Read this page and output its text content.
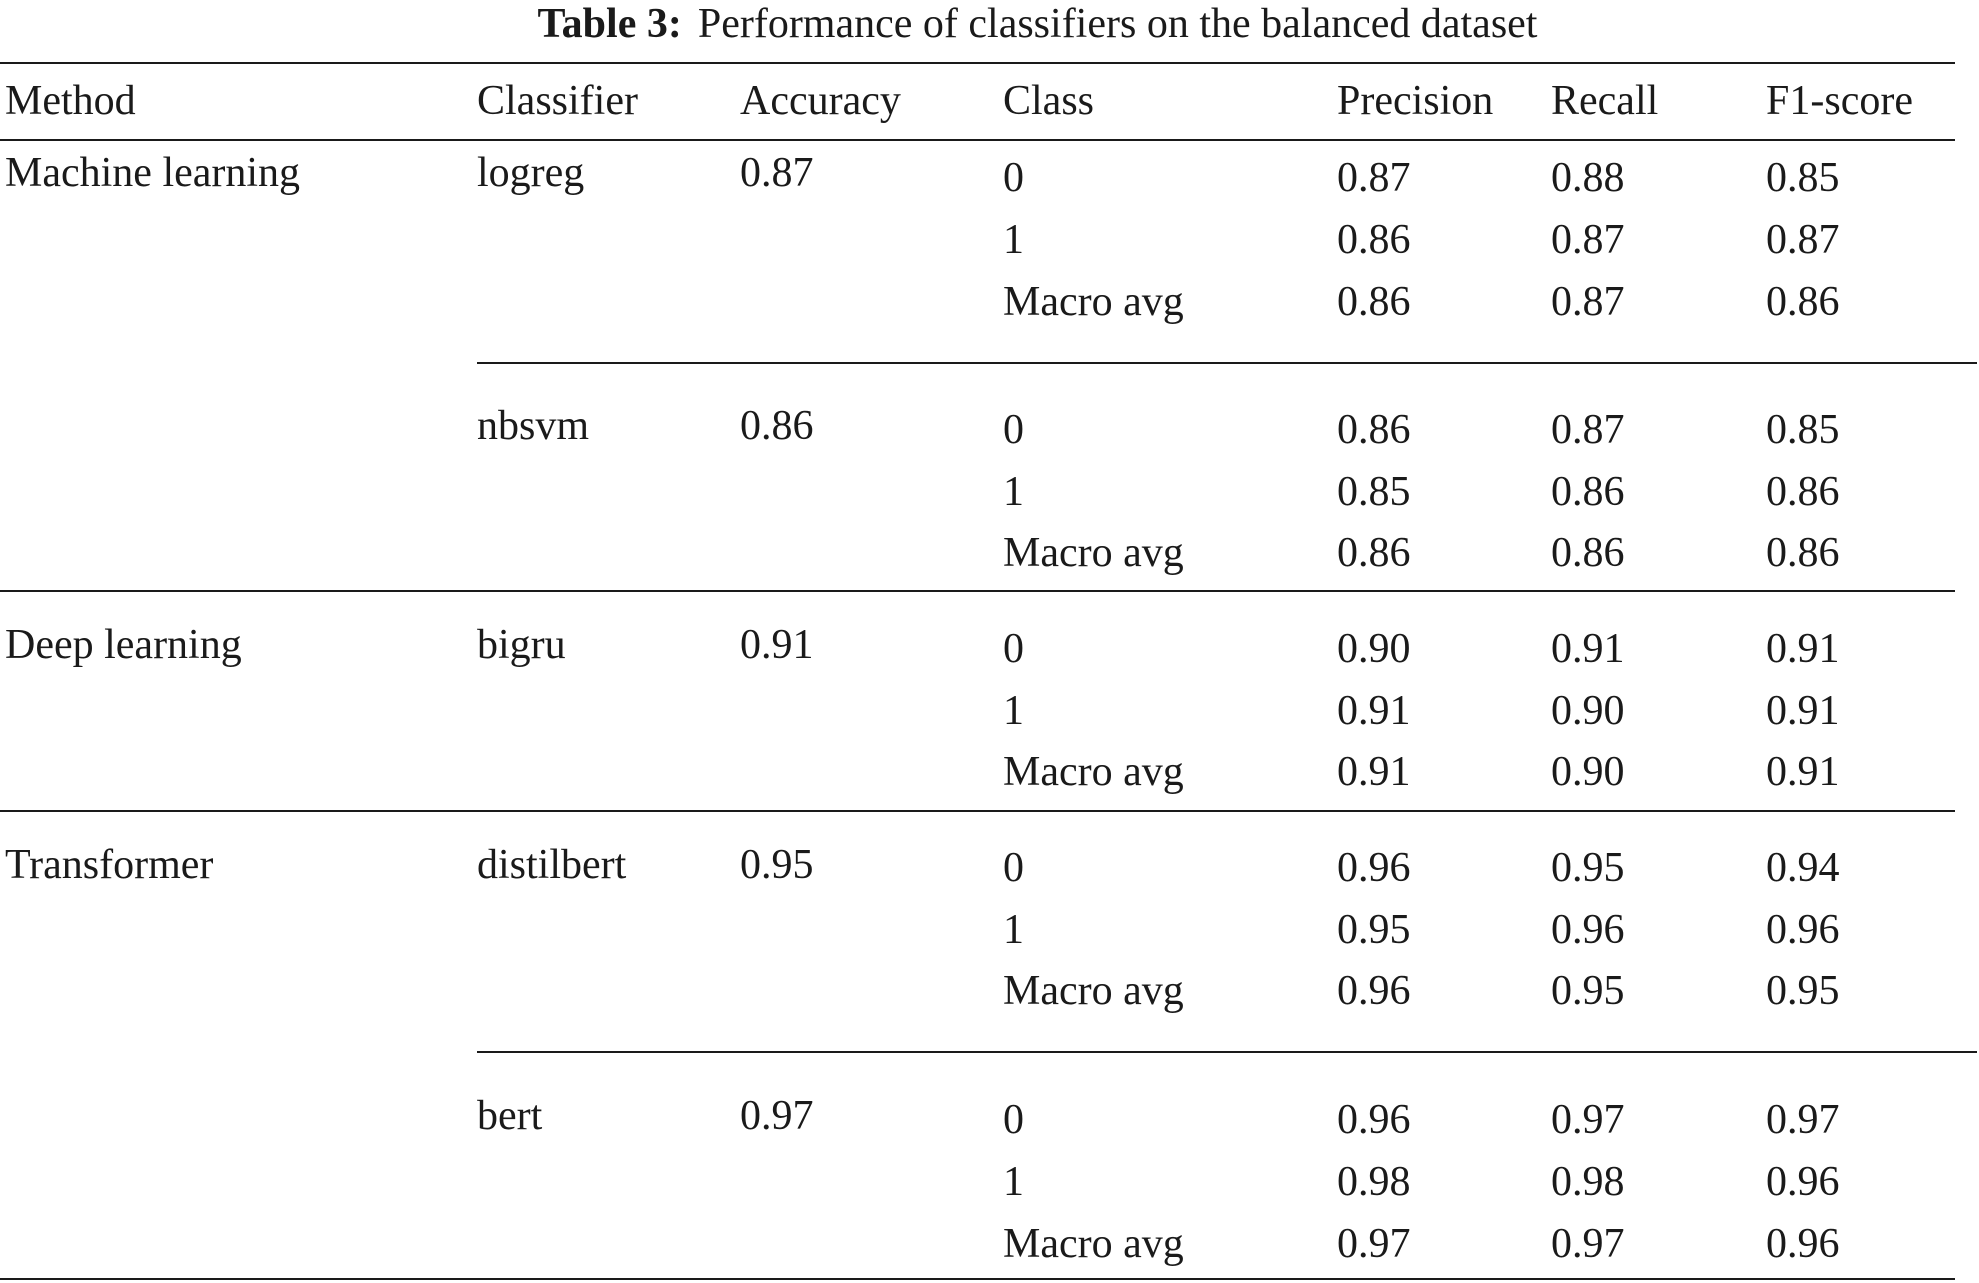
Table 3: Performance of classifiers on the balanced dataset
Method	Classifier Accuracy Class	Precision Recall	F1-score
Machine learning	logreg	0.87	0	0.87	0.88	0.85
1	0.86	0.87	0.87
Macro avg	0.86	0.87	0.86
nbsvm	0.86	0	0.86	0.87	0.85
1	0.85	0.86	0.86
Macro avg	0.86	0.86	0.86
Deep learning	bigru	0.91	0	0.90	0.91	0.91
1	0.91	0.90	0.91
Macro avg	0.91	0.90	0.91
Transformer	distilbert	0.95	0	0.96	0.95	0.94
1	0.95	0.96	0.96
Macro avg	0.96	0.95	0.95
bert	0.97	0	0.96	0.97	0.97
1	0.98	0.98	0.96
Macro avg	0.97	0.97	0.96
